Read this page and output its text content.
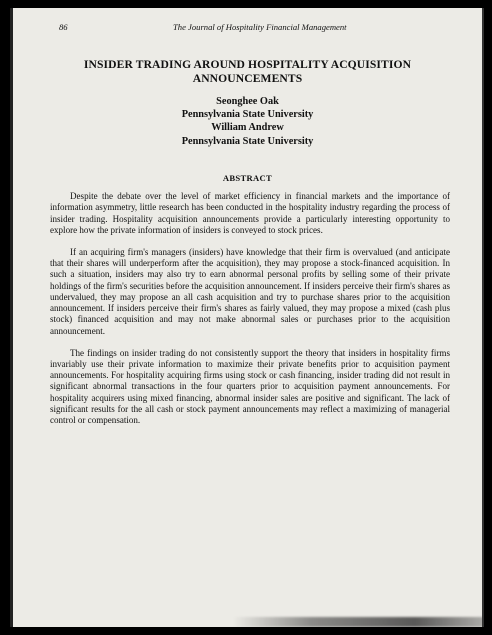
86	The Journal of Hospitality Financial Management
INSIDER TRADING AROUND HOSPITALITY ACQUISITION
ANNOUNCEMENTS
Seonghee Oak
Pennsylvania State University
William Andrew
Pennsylvania State University
ABSTRACT

Despite the debate over the level of market efficiency in financial markets and the importance of information asymmetry, little research has been conducted in the hospitality industry regarding the process of insider trading. Hospitality acquisition announcements provide a particularly interesting opportunity to explore how the private information of insiders is conveyed to stock prices.

If an acquiring firm's managers (insiders) have knowledge that their firm is overvalued (and anticipate that their shares will underperform after the acquisition), they may propose a stock-financed acquisition. In such a situation, insiders may also try to earn abnormal personal profits by selling some of their private holdings of the firm's securities before the acquisition announcement. If insiders perceive their firm's shares as undervalued, they may propose an all cash acquisition and try to purchase shares prior to the acquisition announcement. If insiders perceive their firm's shares as fairly valued, they may propose a mixed (cash plus stock) financed acquisition and may not make abnormal sales or purchases prior to the acquisition announcement.

The findings on insider trading do not consistently support the theory that insiders in hospitality firms invariably use their private information to maximize their private benefits prior to acquisition payment announcements. For hospitality acquiring firms using stock or cash financing, insider trading did not result in significant abnormal transactions in the four quarters prior to acquisition payment announcements. For hospitality acquirers using mixed financing, abnormal insider sales are positive and significant. The lack of significant results for the all cash or stock payment announcements may reflect a maximizing of managerial control or compensation.
